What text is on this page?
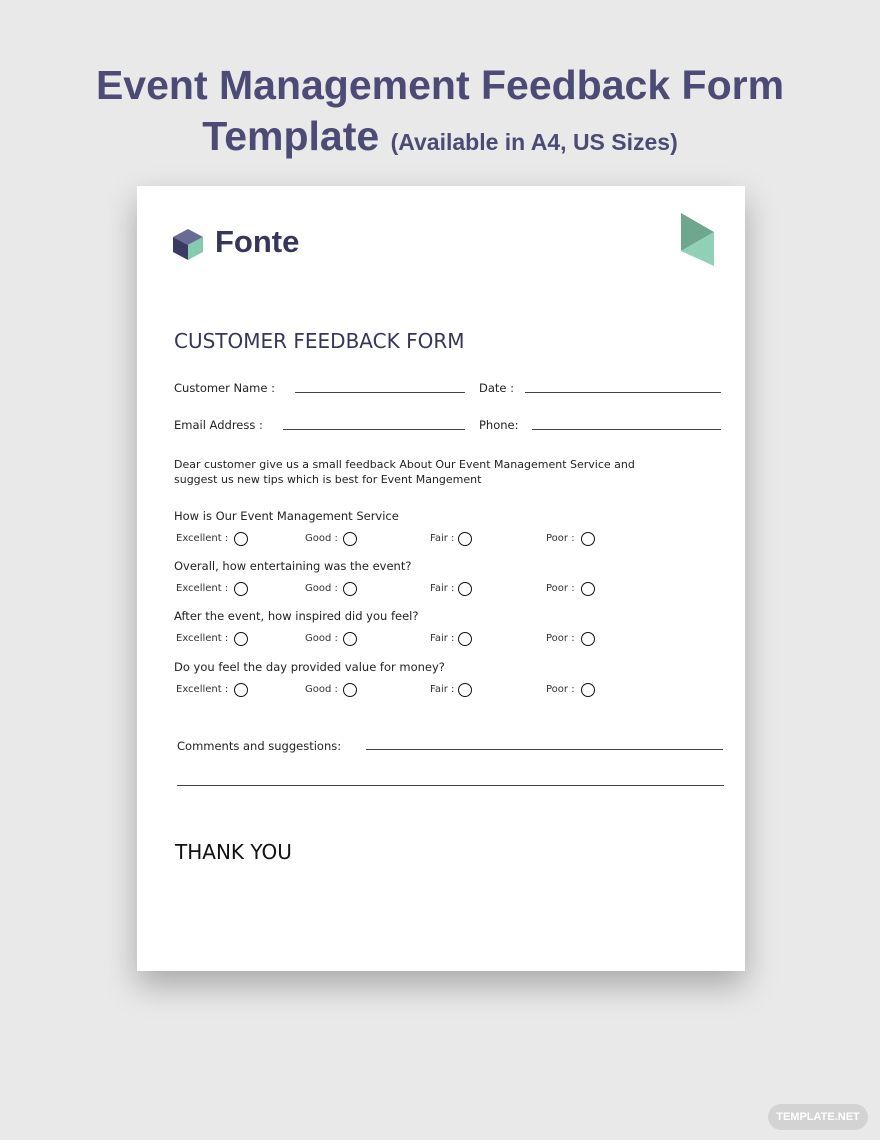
Event Management Feedback Form
Template (Available in A4, US Sizes)
Fonte
CUSTOMER FEEDBACK FORM
Customer Name :	Date :
Email Address :	Phone:
Dear customer give us a small feedback About Our Event Management Service and
suggest us new tips which is best for Event Mangement
How is Our Event Management Service
Excellent :	Good :	Fair :	Poor :
Overall, how entertaining was the event?
Excellent :	Good :	Fair :	Poor :
After the event, how inspired did you feel?
Excellent :	Good :	Fair :	Poor :
Do you feel the day provided value for money?
Excellent :	Good :	Fair :	Poor :
Comments and suggestions:
THANK YOU
TEMPLATE.NET
